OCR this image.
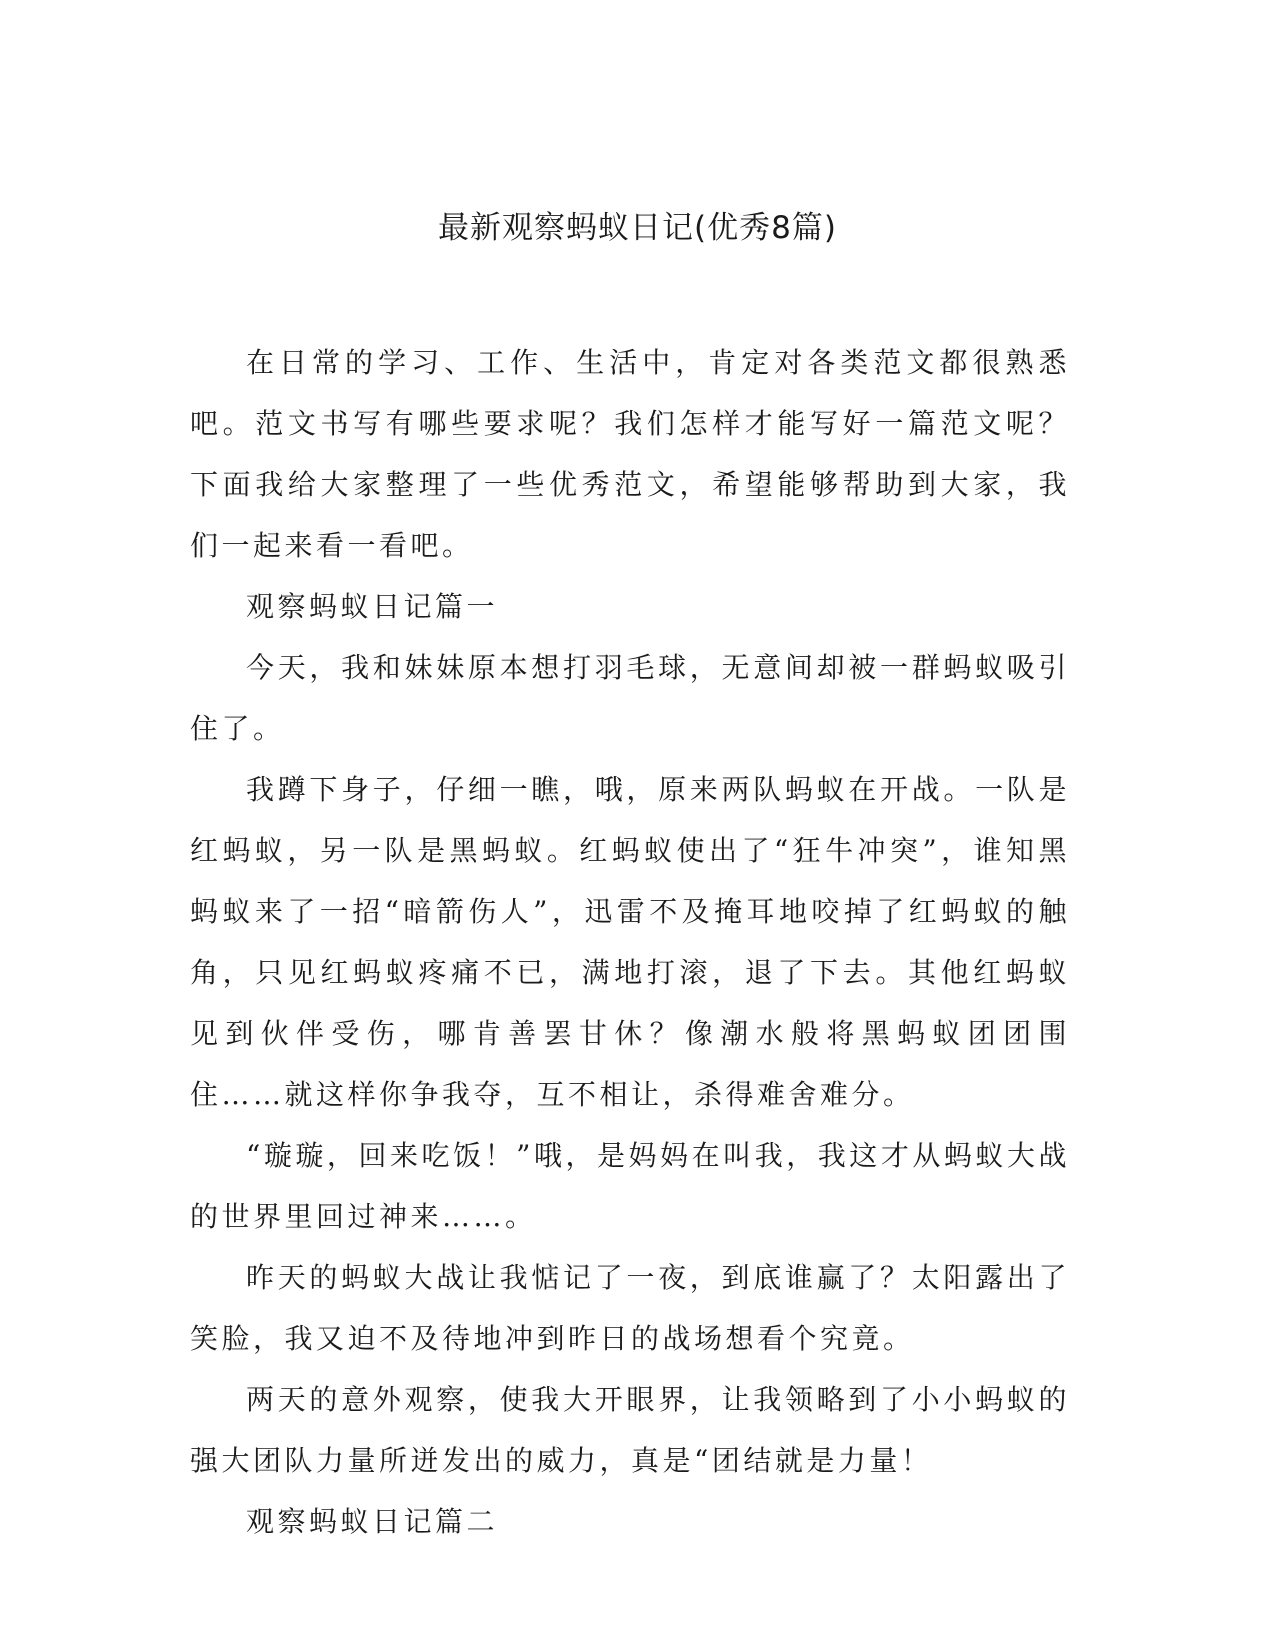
最新观察蚂蚁日记(优秀8篇)

在日常的学习、工作、生活中，肯定对各类范文都很熟悉吧。范文书写有哪些要求呢？我们怎样才能写好一篇范文呢？下面我给大家整理了一些优秀范文，希望能够帮助到大家，我们一起来看一看吧。

观察蚂蚁日记篇一

今天，我和妹妹原本想打羽毛球，无意间却被一群蚂蚁吸引住了。

我蹲下身子，仔细一瞧，哦，原来两队蚂蚁在开战。一队是红蚂蚁，另一队是黑蚂蚁。红蚂蚁使出了“狂牛冲突”，谁知黑蚂蚁来了一招“暗箭伤人”，迅雷不及掩耳地咬掉了红蚂蚁的触角，只见红蚂蚁疼痛不已，满地打滚，退了下去。其他红蚂蚁见到伙伴受伤，哪肯善罢甘休？像潮水般将黑蚂蚁团团围住……就这样你争我夺，互不相让，杀得难舍难分。

“璇璇，回来吃饭！”哦，是妈妈在叫我，我这才从蚂蚁大战的世界里回过神来……。

昨天的蚂蚁大战让我惦记了一夜，到底谁赢了？太阳露出了笑脸，我又迫不及待地冲到昨日的战场想看个究竟。

两天的意外观察，使我大开眼界，让我领略到了小小蚂蚁的强大团队力量所迸发出的威力，真是“团结就是力量！

观察蚂蚁日记篇二
